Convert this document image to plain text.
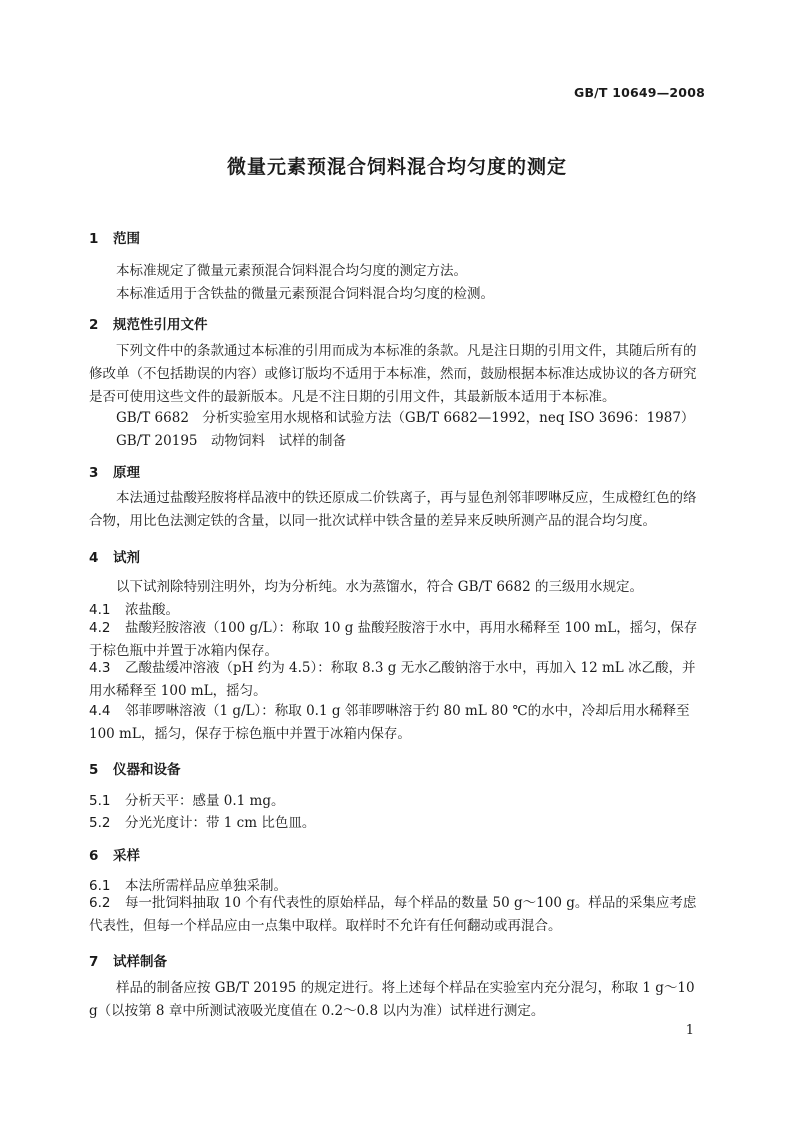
GB/T 10649—2008
微量元素预混合饲料混合均匀度的测定
1 范围
本标准规定了微量元素预混合饲料混合均匀度的测定方法。
本标准适用于含铁盐的微量元素预混合饲料混合均匀度的检测。
2 规范性引用文件
下列文件中的条款通过本标准的引用而成为本标准的条款。凡是注日期的引用文件，其随后所有的修改单（不包括勘误的内容）或修订版均不适用于本标准，然而，鼓励根据本标准达成协议的各方研究是否可使用这些文件的最新版本。凡是不注日期的引用文件，其最新版本适用于本标准。
GB/T 6682　分析实验室用水规格和试验方法（GB/T 6682—1992，neq ISO 3696：1987）
GB/T 20195　动物饲料　试样的制备
3 原理
本法通过盐酸羟胺将样品液中的铁还原成二价铁离子，再与显色剂邻菲啰啉反应，生成橙红色的络合物，用比色法测定铁的含量，以同一批次试样中铁含量的差异来反映所测产品的混合均匀度。
4 试剂
以下试剂除特别注明外，均为分析纯。水为蒸馏水，符合 GB/T 6682 的三级用水规定。
4.1 浓盐酸。
4.2 盐酸羟胺溶液（100 g/L）：称取 10 g 盐酸羟胺溶于水中，再用水稀释至 100 mL，摇匀，保存于棕色瓶中并置于冰箱内保存。
4.3 乙酸盐缓冲溶液（pH 约为 4.5）：称取 8.3 g 无水乙酸钠溶于水中，再加入 12 mL 冰乙酸，并用水稀释至 100 mL，摇匀。
4.4 邻菲啰啉溶液（1 g/L）：称取 0.1 g 邻菲啰啉溶于约 80 mL 80 ℃的水中，冷却后用水稀释至 100 mL，摇匀，保存于棕色瓶中并置于冰箱内保存。
5 仪器和设备
5.1 分析天平：感量 0.1 mg。
5.2 分光光度计：带 1 cm 比色皿。
6 采样
6.1 本法所需样品应单独采制。
6.2 每一批饲料抽取 10 个有代表性的原始样品，每个样品的数量 50 g～100 g。样品的采集应考虑代表性，但每一个样品应由一点集中取样。取样时不允许有任何翻动或再混合。
7 试样制备
样品的制备应按 GB/T 20195 的规定进行。将上述每个样品在实验室内充分混匀，称取 1 g～10 g（以按第 8 章中所测试液吸光度值在 0.2～0.8 以内为准）试样进行测定。
1
